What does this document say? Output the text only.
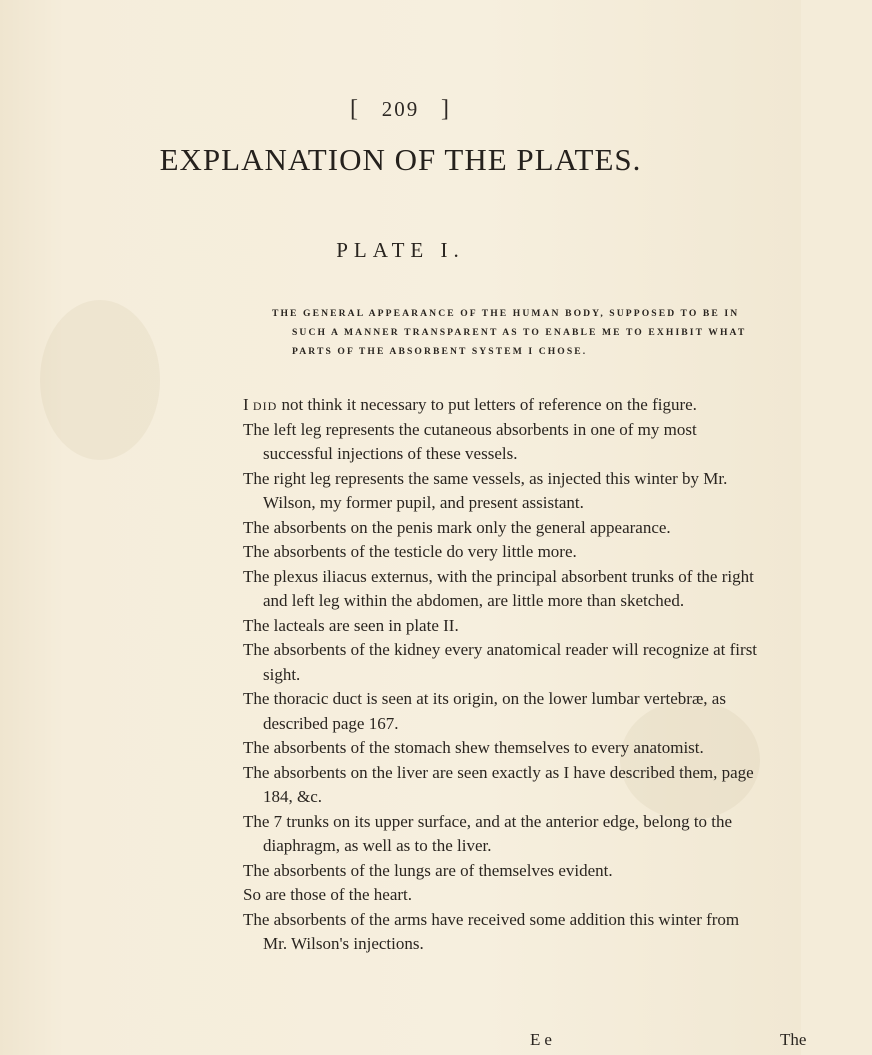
[ 209 ]
EXPLANATION OF THE PLATES.
PLATE I.
THE GENERAL APPEARANCE OF THE HUMAN BODY, SUPPOSED TO BE IN
SUCH A MANNER TRANSPARENT AS TO ENABLE ME TO EXHIBIT WHAT
PARTS OF THE ABSORBENT SYSTEM I CHOSE.

I did not think it necessary to put letters of reference on the figure.

The left leg represents the cutaneous absorbents in one of my most successful injections of these vessels.

The right leg represents the same vessels, as injected this winter by Mr. Wilson, my former pupil, and present assistant.

The absorbents on the penis mark only the general appearance.

The absorbents of the testicle do very little more.

The plexus iliacus externus, with the principal absorbent trunks of the right and left leg within the abdomen, are little more than sketched.

The lacteals are seen in plate II.

The absorbents of the kidney every anatomical reader will recognize at first sight.

The thoracic duct is seen at its origin, on the lower lumbar vertebræ, as described page 167.

The absorbents of the stomach shew themselves to every anatomist.

The absorbents on the liver are seen exactly as I have described them, page 184, &c.

The 7 trunks on its upper surface, and at the anterior edge, belong to the diaphragm, as well as to the liver.

The absorbents of the lungs are of themselves evident.

So are those of the heart.

The absorbents of the arms have received some addition this winter from Mr. Wilson's injections.

Ee	The
